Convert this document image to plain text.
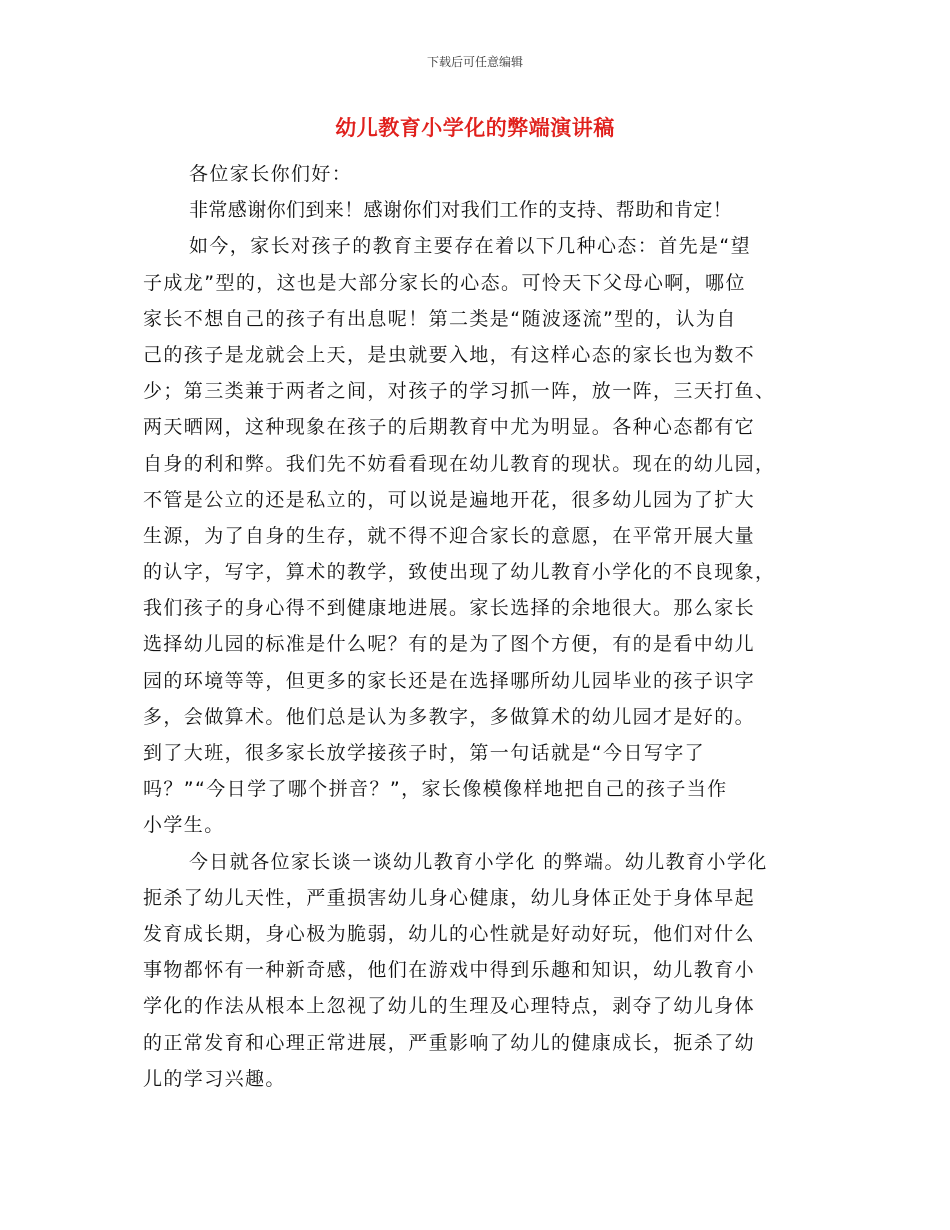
下载后可任意编辑
幼儿教育小学化的弊端演讲稿
各位家长你们好：
非常感谢你们到来！感谢你们对我们工作的支持、帮助和肯定！
如今，家长对孩子的教育主要存在着以下几种心态：首先是“望
子成龙”型的，这也是大部分家长的心态。可怜天下父母心啊，哪位
家长不想自己的孩子有出息呢！第二类是“随波逐流”型的，认为自
己的孩子是龙就会上天，是虫就要入地，有这样心态的家长也为数不
少；第三类兼于两者之间，对孩子的学习抓一阵，放一阵，三天打鱼、
两天晒网，这种现象在孩子的后期教育中尤为明显。各种心态都有它
自身的利和弊。我们先不妨看看现在幼儿教育的现状。现在的幼儿园，
不管是公立的还是私立的，可以说是遍地开花，很多幼儿园为了扩大
生源，为了自身的生存，就不得不迎合家长的意愿，在平常开展大量
的认字，写字，算术的教学，致使出现了幼儿教育小学化的不良现象，
我们孩子的身心得不到健康地进展。家长选择的余地很大。那么家长
选择幼儿园的标准是什么呢？有的是为了图个方便，有的是看中幼儿
园的环境等等，但更多的家长还是在选择哪所幼儿园毕业的孩子识字
多，会做算术。他们总是认为多教字，多做算术的幼儿园才是好的。
到了大班，很多家长放学接孩子时，第一句话就是“今日写字了
吗？”“今日学了哪个拼音？”，家长像模像样地把自己的孩子当作
小学生。
今日就各位家长谈一谈幼儿教育小学化 的弊端。幼儿教育小学化
扼杀了幼儿天性，严重损害幼儿身心健康，幼儿身体正处于身体早起
发育成长期，身心极为脆弱，幼儿的心性就是好动好玩，他们对什么
事物都怀有一种新奇感，他们在游戏中得到乐趣和知识，幼儿教育小
学化的作法从根本上忽视了幼儿的生理及心理特点，剥夺了幼儿身体
的正常发育和心理正常进展，严重影响了幼儿的健康成长，扼杀了幼
儿的学习兴趣。
